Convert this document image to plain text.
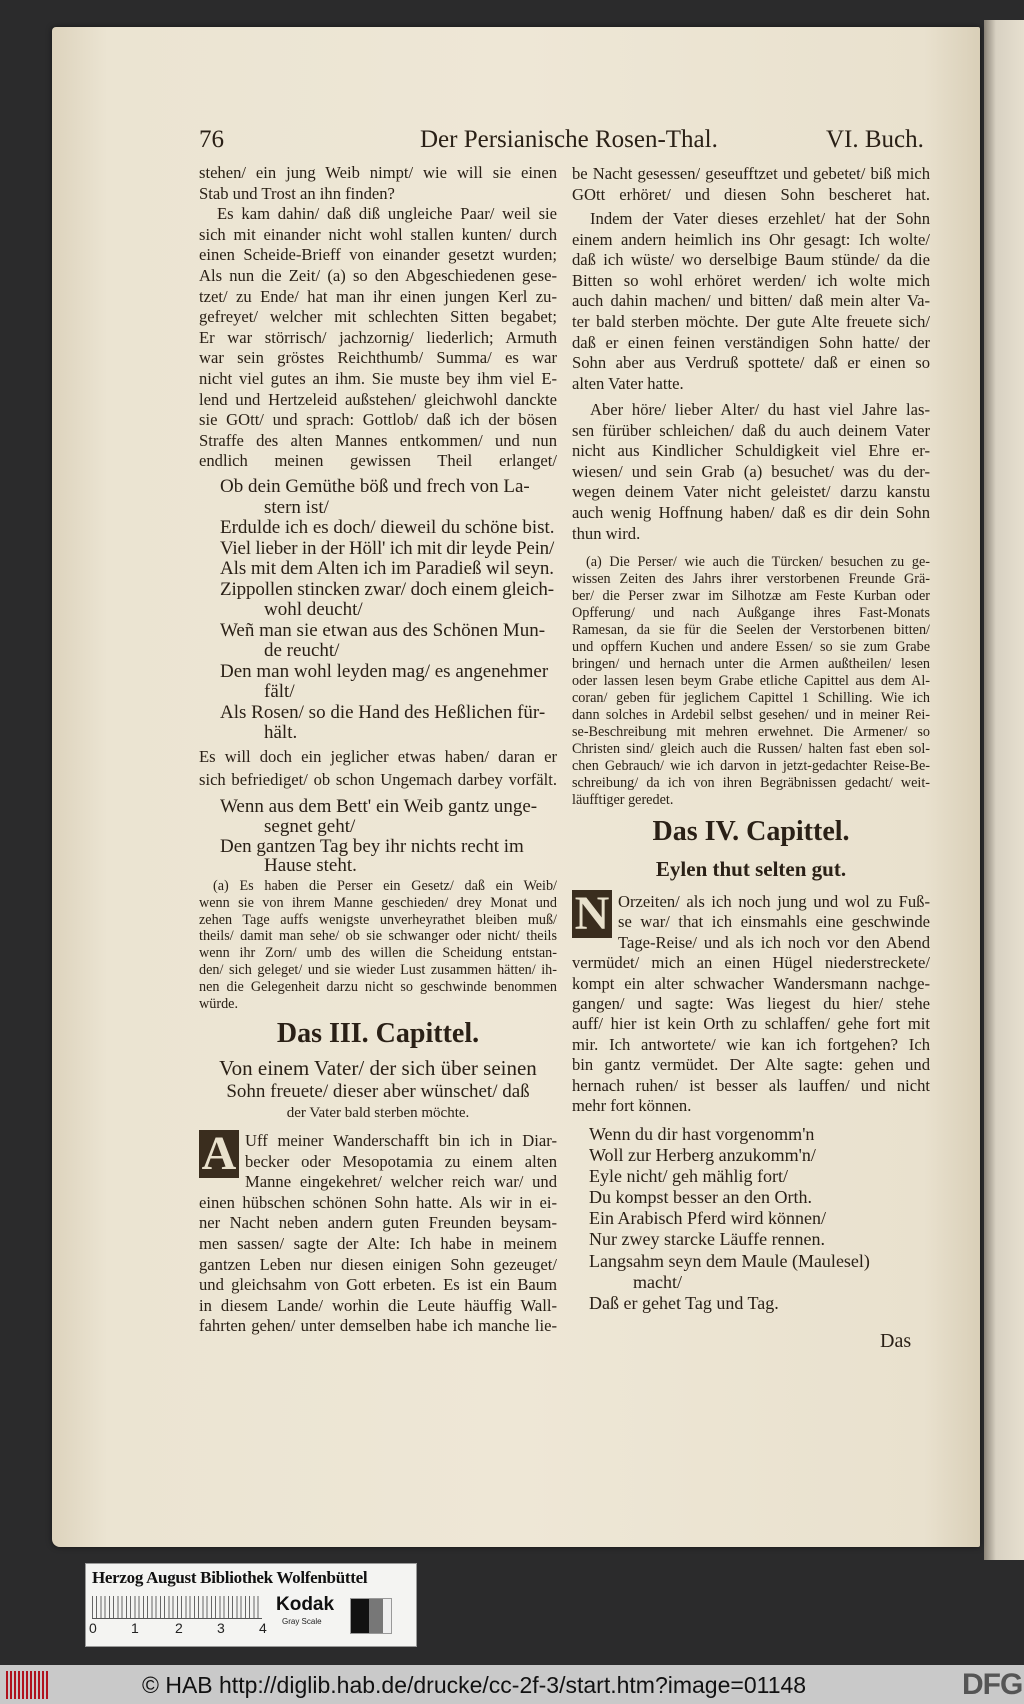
76	Der Persianische Rosen-Thal.	VI. Buch.
stehen/ ein jung Weib nimpt/ wie will sie einen
Stab und Trost an ihn finden?
Es kam dahin/ daß diß ungleiche Paar/ weil sie
sich mit einander nicht wohl stallen kunten/ durch
einen Scheide-Brieff von einander gesetzt wurden;
Als nun die Zeit/ (a) so den Abgeschiedenen gese-
tzet/ zu Ende/ hat man ihr einen jungen Kerl zu-
gefreyet/ welcher mit schlechten Sitten begabet;
Er war störrisch/ jachzornig/ liederlich; Armuth
war sein gröstes Reichthumb/ Summa/ es war
nicht viel gutes an ihm. Sie muste bey ihm viel E-
lend und Hertzeleid außstehen/ gleichwohl danckte
sie GOtt/ und sprach: Gottlob/ daß ich der bösen
Straffe des alten Mannes entkommen/ und nun
endlich meinen gewissen Theil erlanget/
Ob dein Gemüthe böß und frech von La-
stern ist/
Erdulde ich es doch/ dieweil du schöne bist.
Viel lieber in der Höll' ich mit dir leyde Pein/
Als mit dem Alten ich im Paradieß wil seyn.
Zippollen stincken zwar/ doch einem gleich-
wohl deucht/
Weñ man sie etwan aus des Schönen Mun-
de reucht/
Den man wohl leyden mag/ es angenehmer
fält/
Als Rosen/ so die Hand des Heßlichen für-
hält.
Es will doch ein jeglicher etwas haben/ daran er
sich befriediget/ ob schon Ungemach darbey vorfält.
Wenn aus dem Bett' ein Weib gantz unge-
segnet geht/
Den gantzen Tag bey ihr nichts recht im
Hause steht.
(a) Es haben die Perser ein Gesetz/ daß ein Weib/
wenn sie von ihrem Manne geschieden/ drey Monat und
zehen Tage auffs wenigste unverheyrathet bleiben muß/
theils/ damit man sehe/ ob sie schwanger oder nicht/ theils
wenn ihr Zorn/ umb des willen die Scheidung entstan-
den/ sich geleget/ und sie wieder Lust zusammen hätten/ ih-
nen die Gelegenheit darzu nicht so geschwinde benommen
würde.
Das III. Capittel.
Von einem Vater/ der sich über seinen
Sohn freuete/ dieser aber wünschet/ daß
der Vater bald sterben möchte.
A Uff meiner Wanderschafft bin ich in Diar-
becker oder Mesopotamia zu einem alten
Manne eingekehret/ welcher reich war/ und
einen hübschen schönen Sohn hatte. Als wir in ei-
ner Nacht neben andern guten Freunden beysam-
men sassen/ sagte der Alte: Ich habe in meinem
gantzen Leben nur diesen einigen Sohn gezeuget/
und gleichsahm von Gott erbeten. Es ist ein Baum
in diesem Lande/ worhin die Leute häuffig Wall-
fahrten gehen/ unter demselben habe ich manche lie-
be Nacht gesessen/ geseufftzet und gebetet/ biß mich
GOtt erhöret/ und diesen Sohn bescheret hat.
Indem der Vater dieses erzehlet/ hat der Sohn
einem andern heimlich ins Ohr gesagt: Ich wolte/
daß ich wüste/ wo derselbige Baum stünde/ da die
Bitten so wohl erhöret werden/ ich wolte mich
auch dahin machen/ und bitten/ daß mein alter Va-
ter bald sterben möchte. Der gute Alte freuete sich/
daß er einen feinen verständigen Sohn hatte/ der
Sohn aber aus Verdruß spottete/ daß er einen so
alten Vater hatte.
Aber höre/ lieber Alter/ du hast viel Jahre las-
sen fürüber schleichen/ daß du auch deinem Vater
nicht aus Kindlicher Schuldigkeit viel Ehre er-
wiesen/ und sein Grab (a) besuchet/ was du der-
wegen deinem Vater nicht geleistet/ darzu kanstu
auch wenig Hoffnung haben/ daß es dir dein Sohn
thun wird.
(a) Die Perser/ wie auch die Türcken/ besuchen zu ge-
wissen Zeiten des Jahrs ihrer verstorbenen Freunde Grä-
ber/ die Perser zwar im Silhotzæ am Feste Kurban oder
Opfferung/ und nach Außgange ihres Fast-Monats
Ramesan, da sie für die Seelen der Verstorbenen bitten/
und opffern Kuchen und andere Essen/ so sie zum Grabe
bringen/ und hernach unter die Armen außtheilen/ lesen
oder lassen lesen beym Grabe etliche Capittel aus dem Al-
coran/ geben für jeglichem Capittel 1 Schilling. Wie ich
dann solches in Ardebil selbst gesehen/ und in meiner Rei-
se-Beschreibung mit mehren erwehnet. Die Armener/ so
Christen sind/ gleich auch die Russen/ halten fast eben sol-
chen Gebrauch/ wie ich darvon in jetzt-gedachter Reise-Be-
schreibung/ da ich von ihren Begräbnissen gedacht/ weit-
läufftiger geredet.
Das IV. Capittel.
Eylen thut selten gut.
N Orzeiten/ als ich noch jung und wol zu Fuß-
se war/ that ich einsmahls eine geschwinde
Tage-Reise/ und als ich noch vor den Abend
vermüdet/ mich an einen Hügel niederstreckete/
kompt ein alter schwacher Wandersmann nachge-
gangen/ und sagte: Was liegest du hier/ stehe
auff/ hier ist kein Orth zu schlaffen/ gehe fort mit
mir. Ich antwortete/ wie kan ich fortgehen? Ich
bin gantz vermüdet. Der Alte sagte: gehen und
hernach ruhen/ ist besser als lauffen/ und nicht
mehr fort können.
Wenn du dir hast vorgenomm'n
Woll zur Herberg anzukomm'n/
Eyle nicht/ geh mählig fort/
Du kompst besser an den Orth.
Ein Arabisch Pferd wird können/
Nur zwey starcke Läuffe rennen.
Langsahm seyn dem Maule (Maulesel)
macht/
Daß er gehet Tag und Tag.
Das
Herzog August Bibliothek Wolfenbüttel
0 1	2 3 4
Kodak
Gray Scale
© HAB http://diglib.hab.de/drucke/cc-2f-3/start.htm?image=01148	DFG
